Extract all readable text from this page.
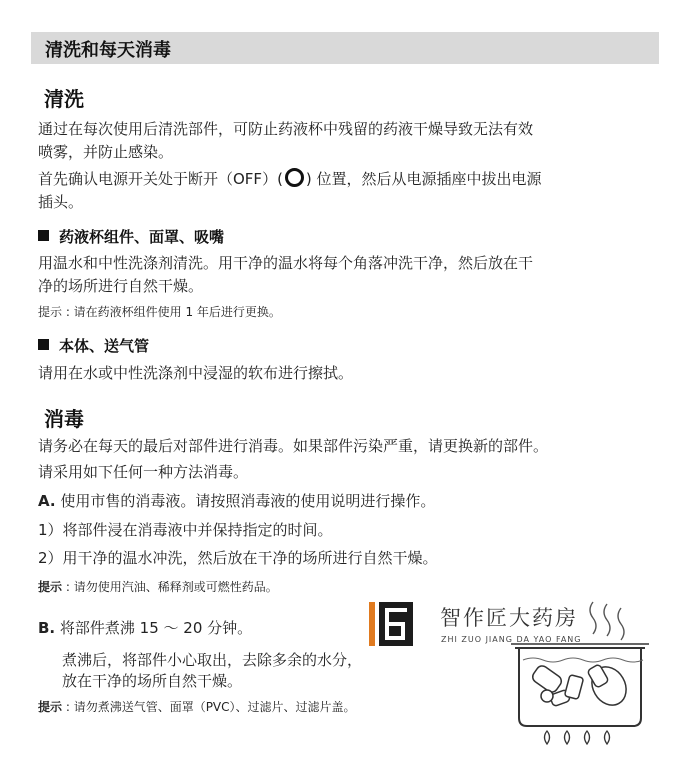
清洗和每天消毒
清洗
通过在每次使用后清洗部件，可防止药液杯中残留的药液干燥导致无法有效
喷雾，并防止感染。
首先确认电源开关处于断开（OFF）( ) 位置，然后从电源插座中拔出电源
插头。
药液杯组件、面罩、吸嘴
用温水和中性洗涤剂清洗。用干净的温水将每个角落冲洗干净，然后放在干
净的场所进行自然干燥。
提示 : 请在药液杯组件使用 1 年后进行更换。
本体、送气管
请用在水或中性洗涤剂中浸湿的软布进行擦拭。
消毒
请务必在每天的最后对部件进行消毒。如果部件污染严重，请更换新的部件。
请采用如下任何一种方法消毒。
A. 使用市售的消毒液。请按照消毒液的使用说明进行操作。
1）将部件浸在消毒液中并保持指定的时间。
2）用干净的温水冲洗，然后放在干净的场所进行自然干燥。
提示 : 请勿使用汽油、稀释剂或可燃性药品。
B. 将部件煮沸 15 ～ 20 分钟。
煮沸后，将部件小心取出，去除多余的水分，
放在干净的场所自然干燥。
提示 : 请勿煮沸送气管、面罩（PVC）、过滤片、过滤片盖。
智作匠大药房
ZHI ZUO JIANG DA YAO FANG
